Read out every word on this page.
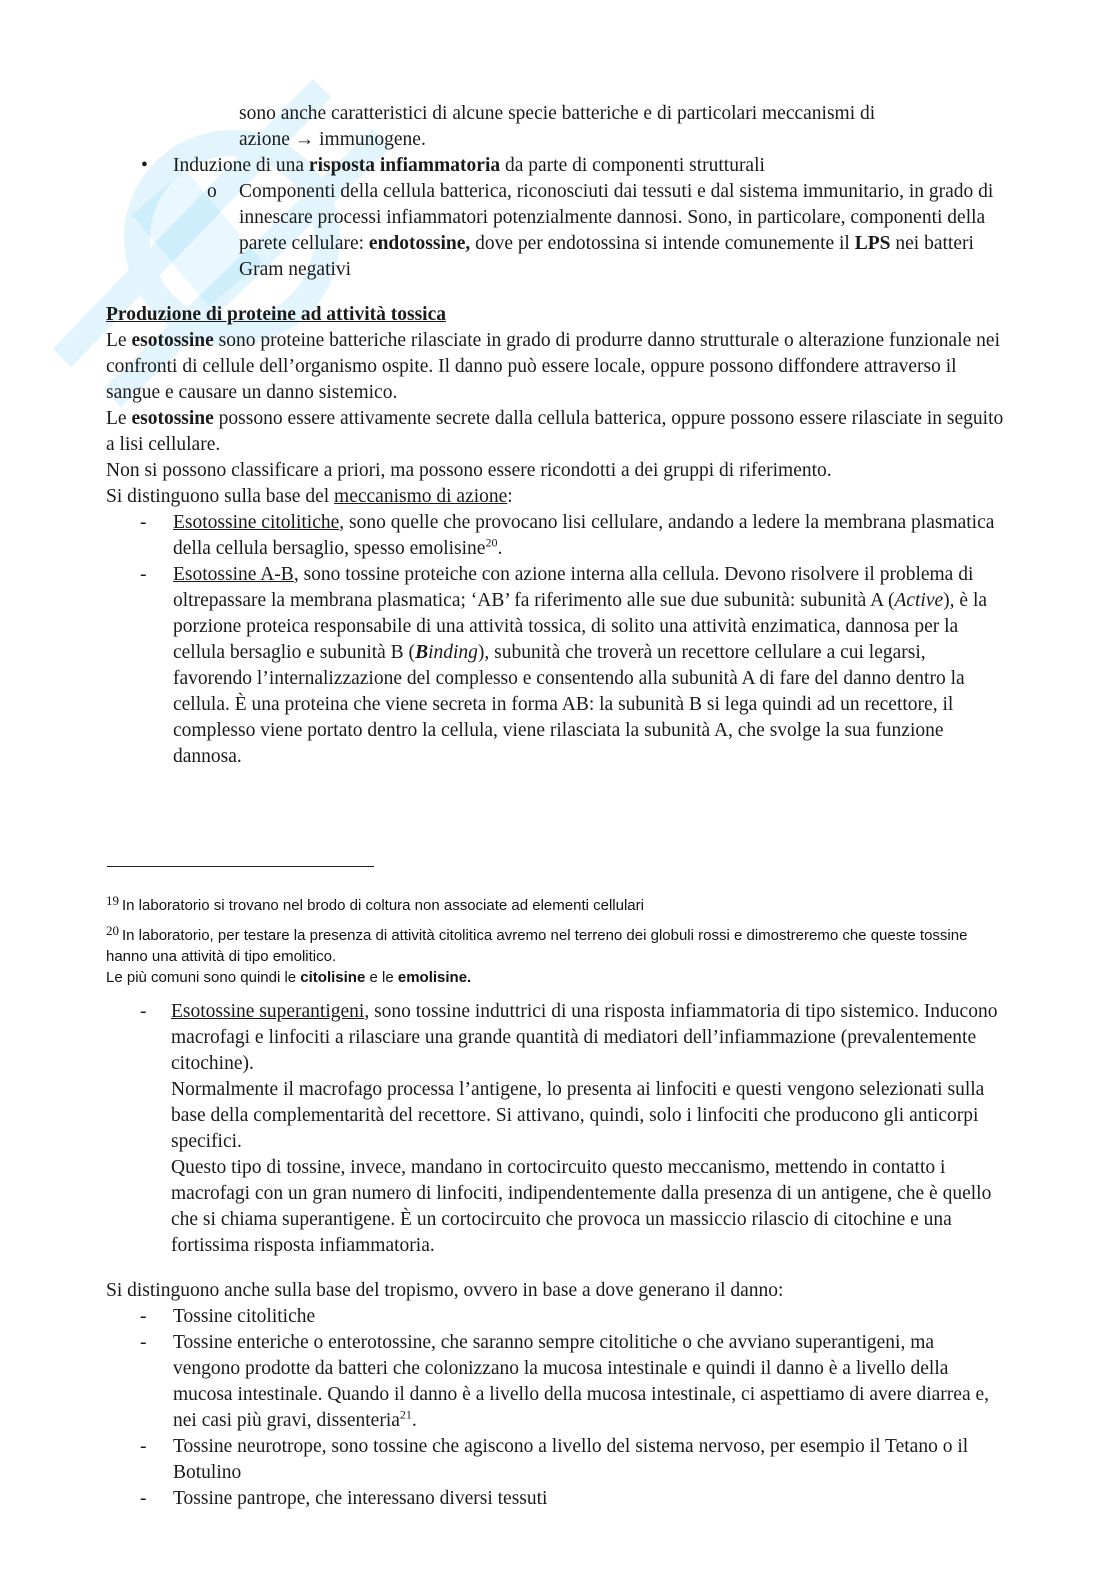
sono anche caratteristici di alcune specie batteriche e di particolari meccanismi di

azione → immunogene.

• Induzione di una risposta infiammatoria da parte di componenti strutturali

o Componenti della cellula batterica, riconosciuti dai tessuti e dal sistema immunitario, in grado di innescare processi infiammatori potenzialmente dannosi. Sono, in particolare, componenti della parete cellulare: endotossine, dove per endotossina si intende comunemente il LPS nei batteri Gram negativi

Produzione di proteine ad attività tossica

Le esotossine sono proteine batteriche rilasciate in grado di produrre danno strutturale o alterazione funzionale nei confronti di cellule dell’organismo ospite. Il danno può essere locale, oppure possono diffondere attraverso il sangue e causare un danno sistemico.

Le esotossine possono essere attivamente secrete dalla cellula batterica, oppure possono essere rilasciate in seguito a lisi cellulare.

Non si possono classificare a priori, ma possono essere ricondotti a dei gruppi di riferimento.

Si distinguono sulla base del meccanismo di azione:

- Esotossine citolitiche, sono quelle che provocano lisi cellulare, andando a ledere la membrana plasmatica della cellula bersaglio, spesso emolisine$^{20}$.

- Esotossine A-B, sono tossine proteiche con azione interna alla cellula. Devono risolvere il problema di oltrepassare la membrana plasmatica; ‘AB’ fa riferimento alle sue due subunità: subunità A (Active), è la porzione proteica responsabile di una attività tossica, di solito una attività enzimatica, dannosa per la cellula bersaglio e subunità B (Binding), subunità che troverà un recettore cellulare a cui legarsi, favorendo l’internalizzazione del complesso e consentendo alla subunità A di fare del danno dentro la cellula. È una proteina che viene secreta in forma AB: la subunità B si lega quindi ad un recettore, il complesso viene portato dentro la cellula, viene rilasciata la subunità A, che svolge la sua funzione dannosa.

19 In laboratorio si trovano nel brodo di coltura non associate ad elementi cellulari

20 In laboratorio, per testare la presenza di attività citolitica avremo nel terreno dei globuli rossi e dimostreremo che queste tossine hanno una attività di tipo emolitico.

Le più comuni sono quindi le citolisine e le emolisine.

- Esotossine superantigeni, sono tossine induttrici di una risposta infiammatoria di tipo sistemico. Inducono macrofagi e linfociti a rilasciare una grande quantità di mediatori dell’infiammazione (prevalentemente citochine).

Normalmente il macrofago processa l’antigene, lo presenta ai linfociti e questi vengono selezionati sulla base della complementarità del recettore. Si attivano, quindi, solo i linfociti che producono gli anticorpi specifici.

Questo tipo di tossine, invece, mandano in cortocircuito questo meccanismo, mettendo in contatto i macrofagi con un gran numero di linfociti, indipendentemente dalla presenza di un antigene, che è quello che si chiama superantigene. È un cortocircuito che provoca un massiccio rilascio di citochine e una fortissima risposta infiammatoria.

Si distinguono anche sulla base del tropismo, ovvero in base a dove generano il danno:
- Tossine citolitiche
- Tossine enteriche o enterotossine, che saranno sempre citolitiche o che avviano superantigeni, ma vengono prodotte da batteri che colonizzano la mucosa intestinale e quindi il danno è a livello della mucosa intestinale. Quando il danno è a livello della mucosa intestinale, ci aspettiamo di avere diarrea e, nei casi più gravi, dissenteria$^{21}$.

- Tossine neurotrope, sono tossine che agiscono a livello del sistema nervoso, per esempio il Tetano o il Botulino
- Tossine pantrope, che interessano diversi tessuti
